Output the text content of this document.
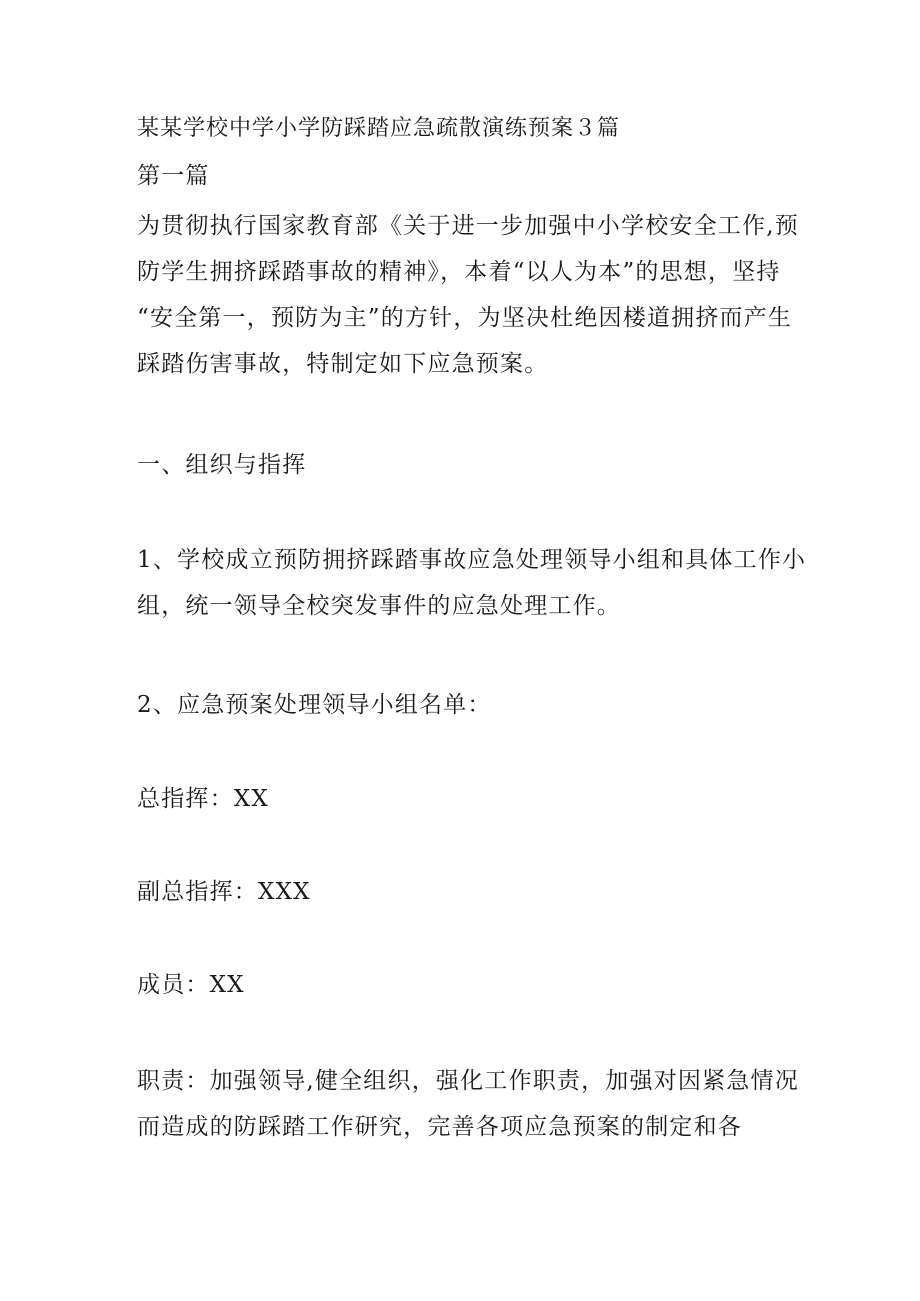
某某学校中学小学防踩踏应急疏散演练预案３篇
第一篇
为贯彻执行国家教育部《关于进一步加强中小学校安全工作,预
防学生拥挤踩踏事故的精神》，本着“以人为本”的思想，坚持
“安全第一，预防为主”的方针，为坚决杜绝因楼道拥挤而产生
踩踏伤害事故，特制定如下应急预案。
一、组织与指挥
1、学校成立预防拥挤踩踏事故应急处理领导小组和具体工作小
组，统一领导全校突发事件的应急处理工作。
2、应急预案处理领导小组名单：
总指挥：XX
副总指挥：XXX
成员：XX
职责：加强领导,健全组织，强化工作职责，加强对因紧急情况
而造成的防踩踏工作研究，完善各项应急预案的制定和各
